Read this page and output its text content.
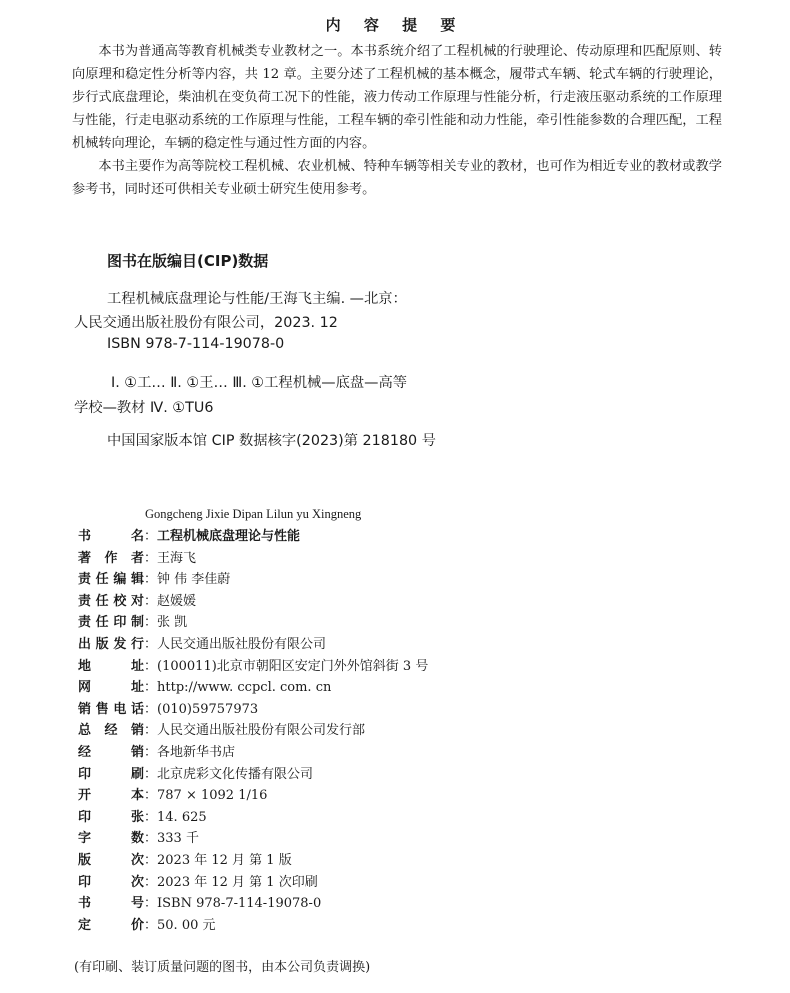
内 容 提 要

本书为普通高等教育机械类专业教材之一。本书系统介绍了工程机械的行驶理论、传动原理和匹配原则、转向原理和稳定性分析等内容，共 12 章。主要分述了工程机械的基本概念，履带式车辆、轮式车辆的行驶理论，步行式底盘理论，柴油机在变负荷工况下的性能，液力传动工作原理与性能分析，行走液压驱动系统的工作原理与性能，行走电驱动系统的工作原理与性能，工程车辆的牵引性能和动力性能，牵引性能参数的合理匹配，工程机械转向理论，车辆的稳定性与通过性方面的内容。

本书主要作为高等院校工程机械、农业机械、特种车辆等相关专业的教材，也可作为相近专业的教材或教学参考书，同时还可供相关专业硕士研究生使用参考。

图书在版编目(CIP)数据
工程机械底盘理论与性能/王海飞主编. —北京：
人民交通出版社股份有限公司，2023. 12
ISBN 978-7-114-19078-0
Ⅰ. ①工… Ⅱ. ①王… Ⅲ. ①工程机械—底盘—高等
学校—教材 Ⅳ. ①TU6
中国国家版本馆 CIP 数据核字(2023)第 218180 号
Gongcheng Jixie Dipan Lilun yu Xingneng
书名：工程机械底盘理论与性能
著作者：王海飞
责任编辑：钟 伟 李佳蔚
责任校对：赵媛媛
责任印制：张 凯
出版发行：人民交通出版社股份有限公司
地址：(100011)北京市朝阳区安定门外外馆斜街 3 号
网址：http://www. ccpcl. com. cn
销售电话：(010)59757973
总经销：人民交通出版社股份有限公司发行部
经销：各地新华书店
印刷：北京虎彩文化传播有限公司
开本：787 × 1092 1/16
印张：14. 625
字数：333 千
版次：2023 年 12 月 第 1 版
印次：2023 年 12 月 第 1 次印刷
书号：ISBN 978-7-114-19078-0
定价：50. 00 元
(有印刷、装订质量问题的图书，由本公司负责调换)
